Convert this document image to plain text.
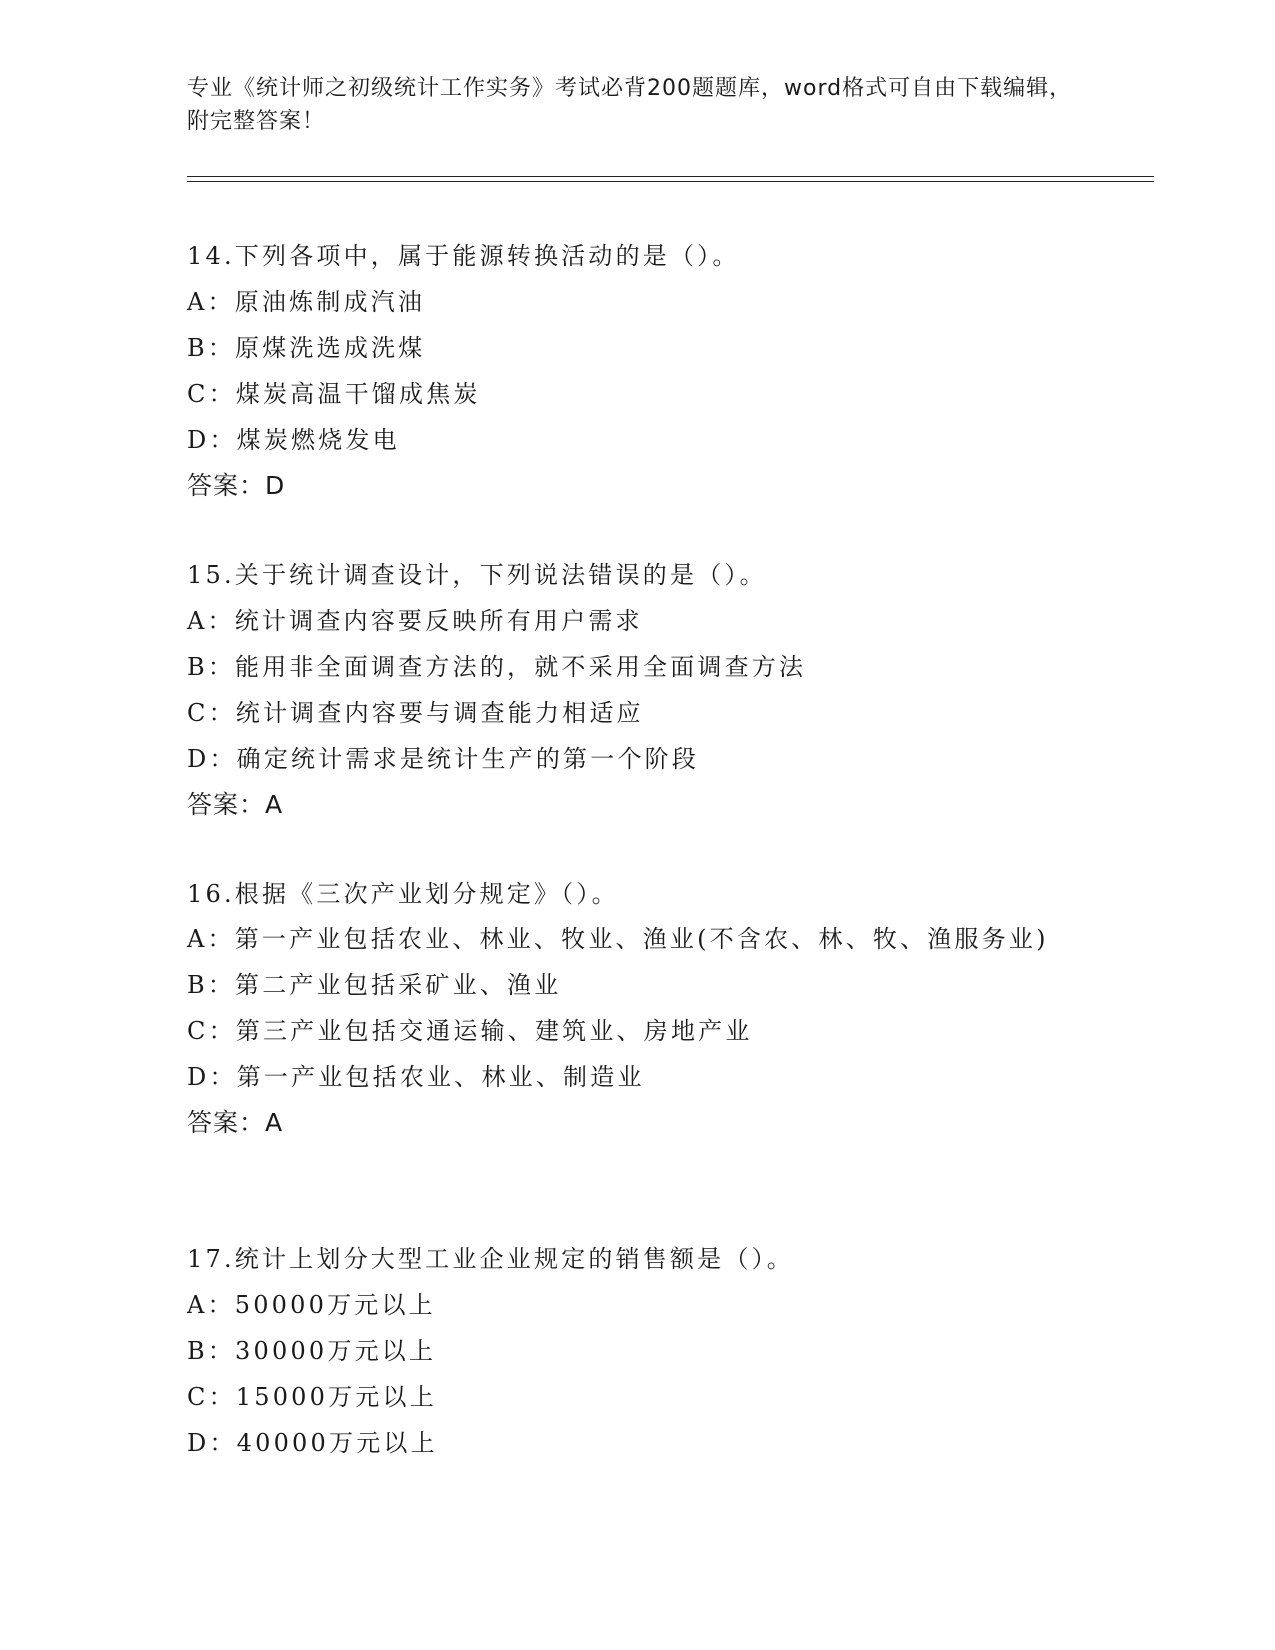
专业《统计师之初级统计工作实务》考试必背200题题库，word格式可自由下载编辑，附完整答案！
14.下列各项中，属于能源转换活动的是（）。
A：原油炼制成汽油
B：原煤洗选成洗煤
C：煤炭高温干馏成焦炭
D：煤炭燃烧发电
答案：D
15.关于统计调查设计，下列说法错误的是（）。
A：统计调查内容要反映所有用户需求
B：能用非全面调查方法的，就不采用全面调查方法
C：统计调查内容要与调查能力相适应
D：确定统计需求是统计生产的第一个阶段
答案：A
16.根据《三次产业划分规定》（）。
A：第一产业包括农业、林业、牧业、渔业(不含农、林、牧、渔服务业)
B：第二产业包括采矿业、渔业
C：第三产业包括交通运输、建筑业、房地产业
D：第一产业包括农业、林业、制造业
答案：A
17.统计上划分大型工业企业规定的销售额是（）。
A：50000万元以上
B：30000万元以上
C：15000万元以上
D：40000万元以上
